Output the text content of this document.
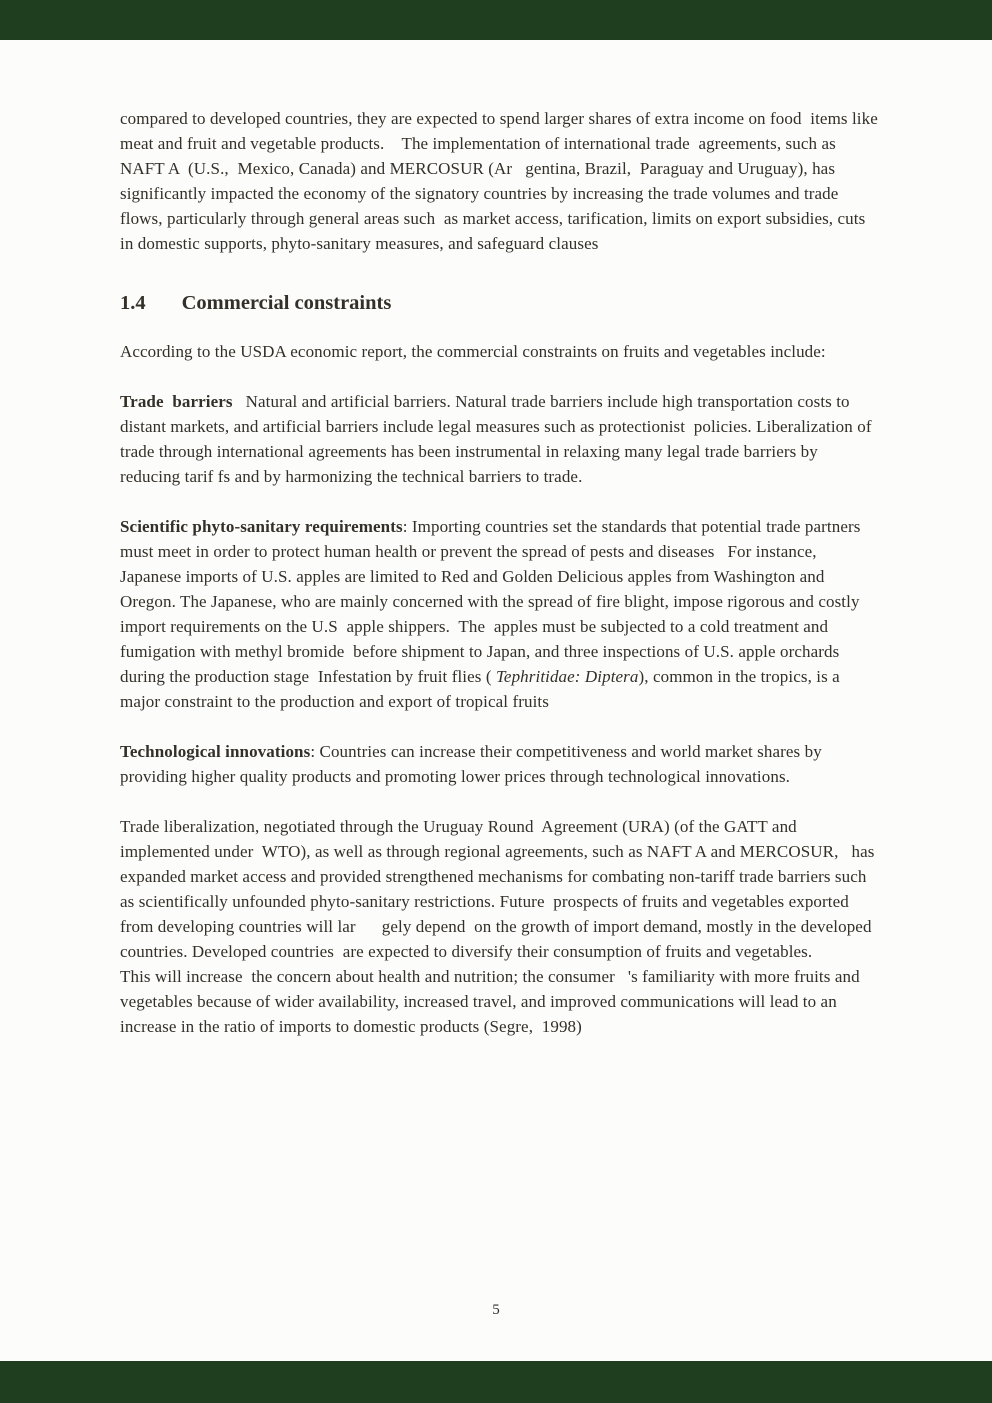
compared to developed countries, they are expected to spend larger shares of extra income on food  items like meat and fruit and vegetable products.    The implementation of international trade  agreements, such as NAFT A  (U.S.,  Mexico, Canada) and MERCOSUR (Ar   gentina, Brazil,  Paraguay and Uruguay), has significantly impacted the economy of the signatory countries by increasing the trade volumes and trade flows, particularly through general areas such  as market access, tarification, limits on export subsidies, cuts in domestic supports, phyto-sanitary measures, and safeguard clauses

1.4 Commercial constraints

According to the USDA economic report, the commercial constraints on fruits and vegetables include:

Trade  barriers   Natural and artificial barriers. Natural trade barriers include high transportation costs to distant markets, and artificial barriers include legal measures such as protectionist  policies. Liberalization of trade through international agreements has been instrumental in relaxing many legal trade barriers by reducing tarif fs and by harmonizing the technical barriers to trade.

Scientific phyto-sanitary requirements: Importing countries set the standards that potential trade partners must meet in order to protect human health or prevent the spread of pests and diseases   For instance, Japanese imports of U.S. apples are limited to Red and Golden Delicious apples from Washington and Oregon. The Japanese, who are mainly concerned with the spread of fire blight, impose rigorous and costly import requirements on the U.S  apple shippers.  The  apples must be subjected to a cold treatment and fumigation with methyl bromide  before shipment to Japan, and three inspections of U.S. apple orchards during the production stage  Infestation by fruit flies ( Tephritidae: Diptera), common in the tropics, is a major constraint to the production and export of tropical fruits

Technological innovations: Countries can increase their competitiveness and world market shares by providing higher quality products and promoting lower prices through technological innovations.

Trade liberalization, negotiated through the Uruguay Round  Agreement (URA) (of the GATT and implemented under  WTO), as well as through regional agreements, such as NAFT A and MERCOSUR,   has expanded market access and provided strengthened mechanisms for combating non-tariff trade barriers such as scientifically unfounded phyto-sanitary restrictions. Future  prospects of fruits and vegetables exported from developing countries will lar      gely depend  on the growth of import demand, mostly in the developed countries. Developed countries  are expected to diversify their consumption of fruits and vegetables.          This will increase  the concern about health and nutrition; the consumer   's familiarity with more fruits and vegetables because of wider availability, increased travel, and improved communications will lead to an increase in the ratio of imports to domestic products (Segre,  1998)

5
